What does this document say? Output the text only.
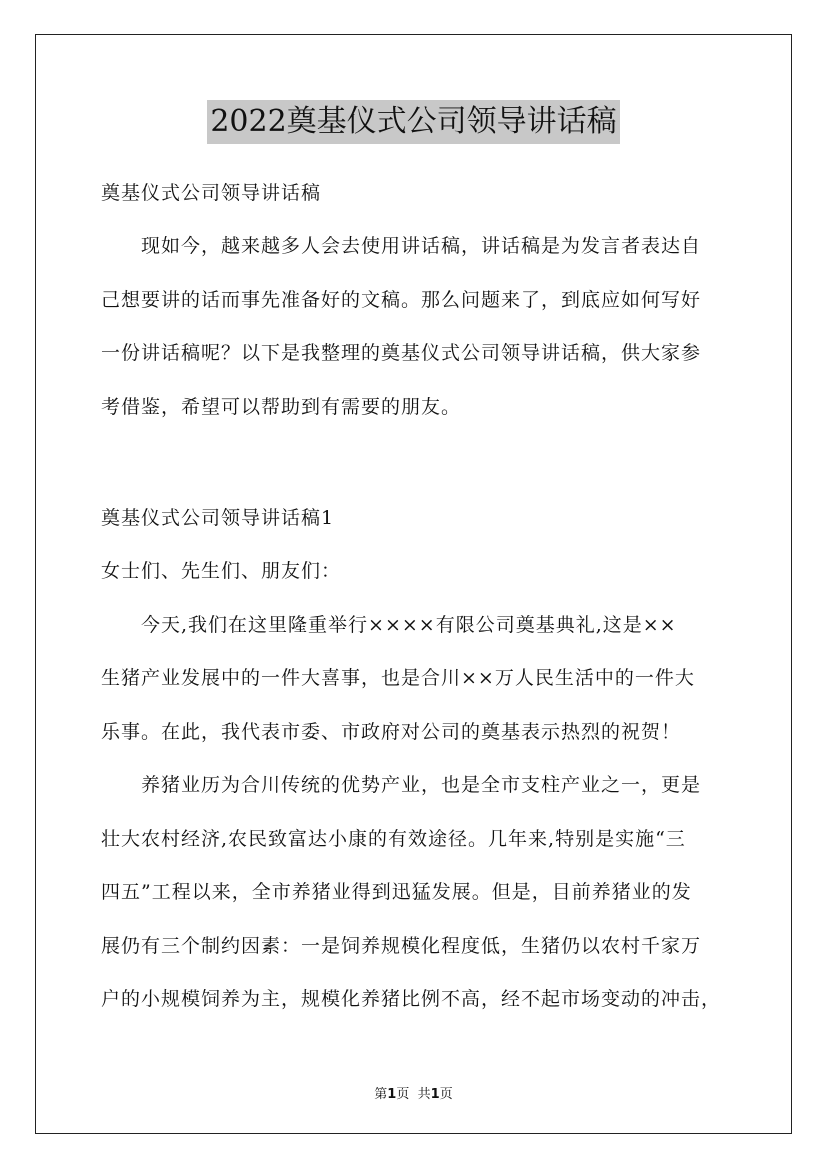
2022奠基仪式公司领导讲话稿

奠基仪式公司领导讲话稿

现如今，越来越多人会去使用讲话稿，讲话稿是为发言者表达自

己想要讲的话而事先准备好的文稿。那么问题来了，到底应如何写好

一份讲话稿呢？以下是我整理的奠基仪式公司领导讲话稿，供大家参

考借鉴，希望可以帮助到有需要的朋友。

奠基仪式公司领导讲话稿1

女士们、先生们、朋友们：

今天,我们在这里隆重举行××××有限公司奠基典礼,这是××

生猪产业发展中的一件大喜事，也是合川××万人民生活中的一件大

乐事。在此，我代表市委、市政府对公司的奠基表示热烈的祝贺！

养猪业历为合川传统的优势产业，也是全市支柱产业之一，更是

壮大农村经济,农民致富达小康的有效途径。几年来,特别是实施“三

四五”工程以来，全市养猪业得到迅猛发展。但是，目前养猪业的发

展仍有三个制约因素：一是饲养规模化程度低，生猪仍以农村千家万

户的小规模饲养为主，规模化养猪比例不高，经不起市场变动的冲击，

第1页 共1页
